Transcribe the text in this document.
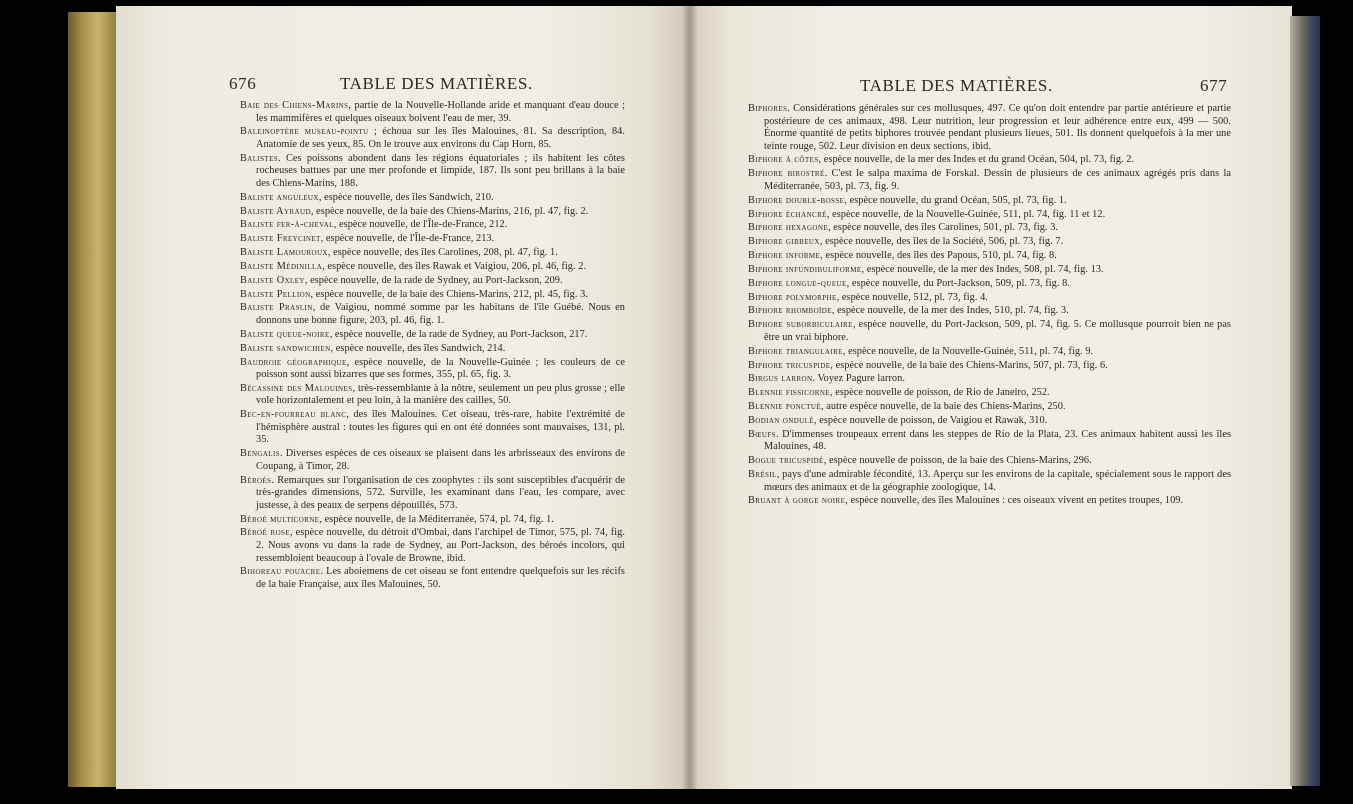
676	TABLE DES MATIÈRES.	TABLE DES MATIÈRES.	677
Baie des Chiens-Marins, partie de la Nouvelle-Hollande aride et manquant d'eau douce ; les mammifères et quelques oiseaux boivent l'eau de mer, 39.
Baleinoptère museau-pointu ; échoua sur les îles Malouines, 81. Sa description, 84. Anatomie de ses yeux, 85. On le trouve aux environs du Cap Horn, 85.
Balistes. Ces poissons abondent dans les régions équatoriales ; ils habitent les côtes rocheuses battues par une mer profonde et limpide, 187. Ils sont peu brillans à la baie des Chiens-Marins, 188.
Baliste anguleux, espèce nouvelle, des îles Sandwich, 210.
Baliste Ayraud, espèce nouvelle, de la baie des Chiens-Marins, 216, pl. 47, fig. 2.
Baliste fer-à-cheval, espèce nouvelle, de l'Île-de-France, 212.
Baliste Freycinet, espèce nouvelle, de l'Île-de-France, 213.
Baliste Lamouroux, espèce nouvelle, des îles Carolines, 208, pl. 47, fig. 1.
Baliste Médinilla, espèce nouvelle, des îles Rawak et Vaigiou, 206, pl. 46, fig. 2.
Baliste Oxley, espèce nouvelle, de la rade de Sydney, au Port-Jackson, 209.
Baliste Pellion, espèce nouvelle, de la baie des Chiens-Marins, 212, pl. 45, fig. 3.
Baliste Praslin, de Vaigiou, nommé somme par les habitans de l'île Guébé. Nous en donnons une bonne figure, 203, pl. 46, fig. 1.
Baliste queue-noire, espèce nouvelle, de la rade de Sydney, au Port-Jackson, 217.
Baliste sandwichien, espèce nouvelle, des îles Sandwich, 214.
Baudroie géographique, espèce nouvelle, de la Nouvelle-Guinée ; les couleurs de ce poisson sont aussi bizarres que ses formes, 355, pl. 65, fig. 3.
Bécassine des Malouines, très-ressemblante à la nôtre, seulement un peu plus grosse ; elle vole horizontalement et peu loin, à la manière des cailles, 50.
Bec-en-fourreau blanc, des îles Malouines. Cet oiseau, très-rare, habite l'extrémité de l'hémisphère austral : toutes les figures qui en ont été données sont mauvaises, 131, pl. 35.
Bengalis. Diverses espèces de ces oiseaux se plaisent dans les arbrisseaux des environs de Coupang, à Timor, 28.
Béroés. Remarques sur l'organisation de ces zoophytes : ils sont susceptibles d'acquérir de très-grandes dimensions, 572. Surville, les examinant dans l'eau, les compare, avec justesse, à des peaux de serpens dépouillés, 573.
Béroé multicorne, espèce nouvelle, de la Méditerranée, 574, pl. 74, fig. 1.
Béroé rose, espèce nouvelle, du détroit d'Ombai, dans l'archipel de Timor, 575, pl. 74, fig. 2. Nous avons vu dans la rade de Sydney, au Port-Jackson, des béroés incolors, qui ressembloient beaucoup à l'ovale de Browne, ibid.
Bihoreau pouacre. Les aboiemens de cet oiseau se font entendre quelquefois sur les récifs de la baie Française, aux îles Malouines, 50.
Biphores. Considérations générales sur ces mollusques, 497. Ce qu'on doit entendre par partie antérieure et partie postérieure de ces animaux, 498. Leur nutrition, leur progression et leur adhérence entre eux, 499 — 500. Énorme quantité de petits biphores trouvée pendant plusieurs lieues, 501. Ils donnent quelquefois à la mer une teinte rouge, 502. Leur division en deux sections, ibid.
Biphore à côtes, espèce nouvelle, de la mer des Indes et du grand Océan, 504, pl. 73, fig. 2.
Biphore birostré. C'est le salpa maxima de Forskal. Dessin de plusieurs de ces animaux agrégés pris dans la Méditerranée, 503, pl. 73, fig. 9.
Biphore double-bosse, espèce nouvelle, du grand Océan, 505, pl. 73, fig. 1.
Biphore échancré, espèce nouvelle, de la Nouvelle-Guinée, 511, pl. 74, fig. 11 et 12.
Biphore hexagone, espèce nouvelle, des îles Carolines, 501, pl. 73, fig. 3.
Biphore gibbeux, espèce nouvelle, des îles de la Société, 506, pl. 73, fig. 7.
Biphore informe, espèce nouvelle, des îles des Papous, 510, pl. 74, fig. 8.
Biphore infundibuliforme, espèce nouvelle, de la mer des Indes, 508, pl. 74, fig. 13.
Biphore longue-queue, espèce nouvelle, du Port-Jackson, 509, pl. 73, fig. 8.
Biphore polymorphe, espèce nouvelle, 512, pl. 73, fig. 4.
Biphore rhomboïde, espèce nouvelle, de la mer des Indes, 510, pl. 74, fig. 3.
Biphore suborbiculaire, espèce nouvelle, du Port-Jackson, 509, pl. 74, fig. 5. Ce mollusque pourroit bien ne pas être un vrai biphore.
Biphore triangulaire, espèce nouvelle, de la Nouvelle-Guinée, 511, pl. 74, fig. 9.
Biphore tricuspide, espèce nouvelle, de la baie des Chiens-Marins, 507, pl. 73, fig. 6.
Birgus larron. Voyez Pagure larron.
Blennie fissicorne, espèce nouvelle de poisson, de Rio de Janeiro, 252.
Blennie ponctué, autre espèce nouvelle, de la baie des Chiens-Marins, 250.
Bodian ondulé, espèce nouvelle de poisson, de Vaigiou et Rawak, 310.
Bœufs. D'immenses troupeaux errent dans les steppes de Rio de la Plata, 23. Ces animaux habitent aussi les îles Malouines, 48.
Bogue tricuspidé, espèce nouvelle de poisson, de la baie des Chiens-Marins, 296.
Brésil, pays d'une admirable fécondité, 13. Aperçu sur les environs de la capitale, spécialement sous le rapport des mœurs des animaux et de la géographie zoologique, 14.
Bruant à gorge noire, espèce nouvelle, des îles Malouines : ces oiseaux vivent en petites troupes, 109.
